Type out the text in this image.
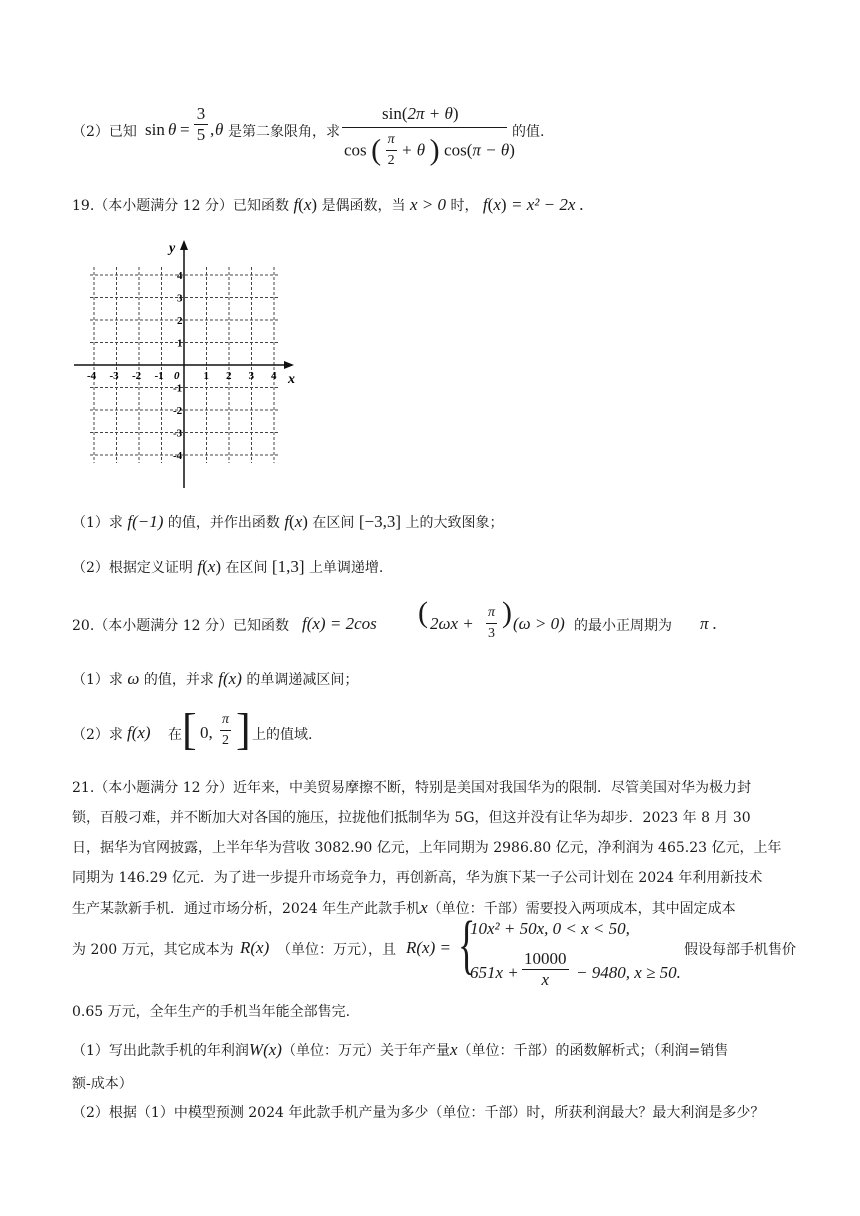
（2）已知 $\sin \theta = \frac{3}{5}$ , θ 是第二象限角，求
sin(2π + θ)
cos ( $\frac{\pi}{2} + \theta$ ) cos(π − θ)
的值.
19.（本小题满分 12 分）已知函数 f(x) 是偶函数，当 x > 0 时， f(x) = x² − 2x .
x
y
0
-4 -3 -2 -1	1 2 3 4
4
3
2
1
-1
-2
-3
-4
（1）求 f(−1) 的值，并作出函数 f(x) 在区间 [−3,3] 上的大致图象；
（2）根据定义证明 f(x) 在区间 [1,3] 上单调递增.
20.（本小题满分 12 分）已知函数 f(x) = 2cos ( $2\omega x + \frac{\pi}{3}$ ) (ω > 0) 的最小正周期为 π .
（1）求 ω 的值，并求 f(x) 的单调递减区间；
（2）求 f(x) 在 [ 0, $\frac{\pi}{2}$ ] 上的值域.
21.（本小题满分 12 分）近年来，中美贸易摩擦不断，特别是美国对我国华为的限制．尽管美国对华为极力封
锁，百般刁难，并不断加大对各国的施压，拉拢他们抵制华为 5G，但这并没有让华为却步．2023 年 8 月 30
日，据华为官网披露，上半年华为营收 3082.90 亿元，上年同期为 2986.80 亿元，净利润为 465.23 亿元，上年
同期为 146.29 亿元．为了进一步提升市场竞争力，再创新高，华为旗下某一子公司计划在 2024 年利用新技术
生产某款新手机．通过市场分析，2024 年生产此款手机x（单位：千部）需要投入两项成本，其中固定成本
为 200 万元，其它成本为 R(x) （单位：万元），且 R(x) = {
10x² + 50x, 0 < x < 50,
$651x + \frac{10000}{x} - 9480$, x ≥ 50.
假设每部手机售价
0.65 万元，全年生产的手机当年能全部售完.
（1）写出此款手机的年利润W(x)（单位：万元）关于年产量x（单位：千部）的函数解析式；（利润=销售
额-成本）
（2）根据（1）中模型预测 2024 年此款手机产量为多少（单位：千部）时，所获利润最大？最大利润是多少？
